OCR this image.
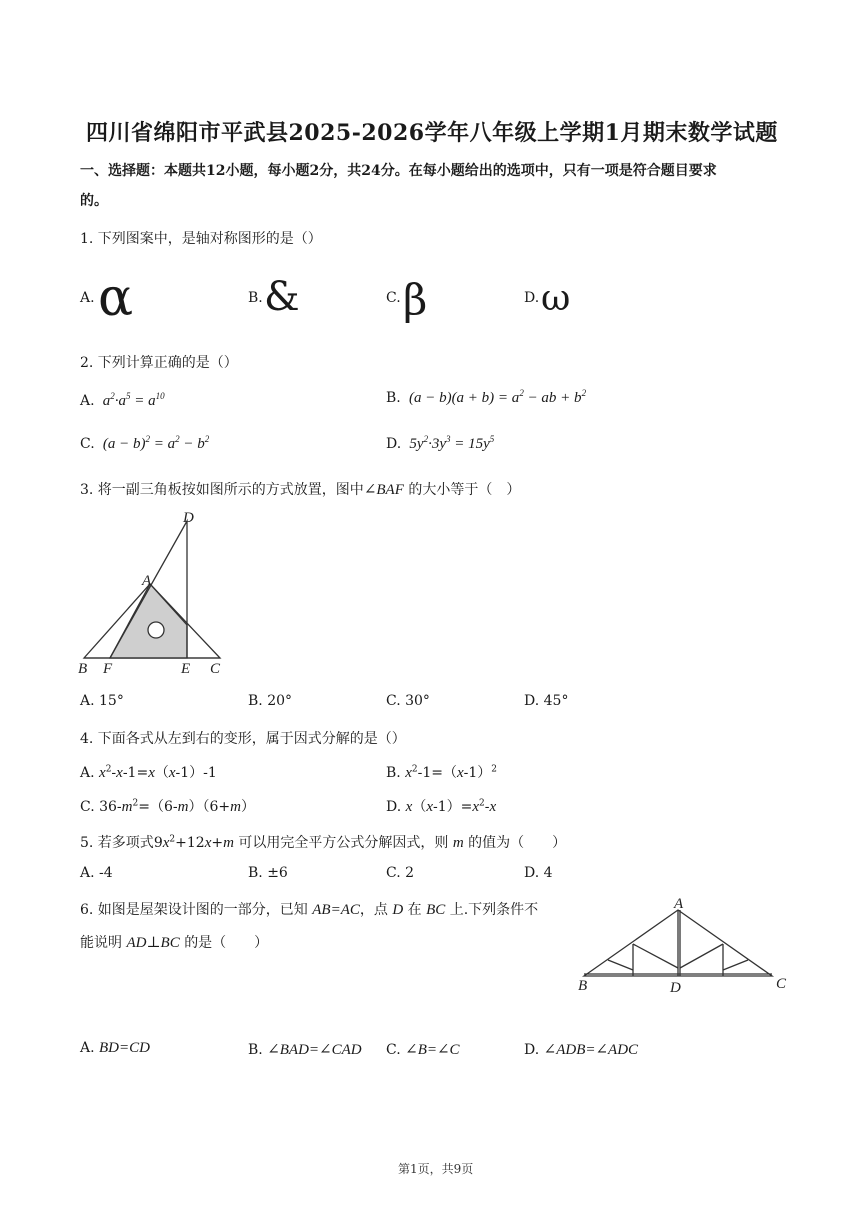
四川省绵阳市平武县2025-2026学年八年级上学期1月期末数学试题
一、选择题：本题共12小题，每小题2分，共24分。在每小题给出的选项中，只有一项是符合题目要求
的。
1. 下列图案中，是轴对称图形的是（）
A. α	B. &	C. β	D. ω
2. 下列计算正确的是（）
A.  $a^2\cdot a^5 = a^{10}$	B.  $(a - b)(a + b) = a^2$ − ab + $b^2$
C.  $(a - b)^2 = a^2 - b^2$	D.  $5y^2\cdot 3y^3 = 15y^5$
3. 将一副三角板按如图所示的方式放置，图中∠BAF 的大小等于（　）
D
A
B F	E C
A. 15°	B. 20°	C. 30°	D. 45°
4. 下面各式从左到右的变形，属于因式分解的是（）
A. $x^2-x-1=x(x-1)-1$	B. $x^2-1=(x-1)^2$
C. $36-m^2=(6-m)(6+m)$	D. $x(x-1)=x^2-x$
5. 若多项式$9x^2+12x+m$ 可以用完全平方公式分解因式，则 m 的值为（　　）
A. -4	B. ±6	C. 2	D. 4
6. 如图是屋架设计图的一部分，已知 AB=AC，点 D 在 BC 上.下列条件不
能说明 AD⊥BC 的是（　　）
A
B	C
D
A. BD=CD	B. ∠BAD=∠CAD C. ∠B=∠C	D. ∠ADB=∠ADC
第1页，共9页
